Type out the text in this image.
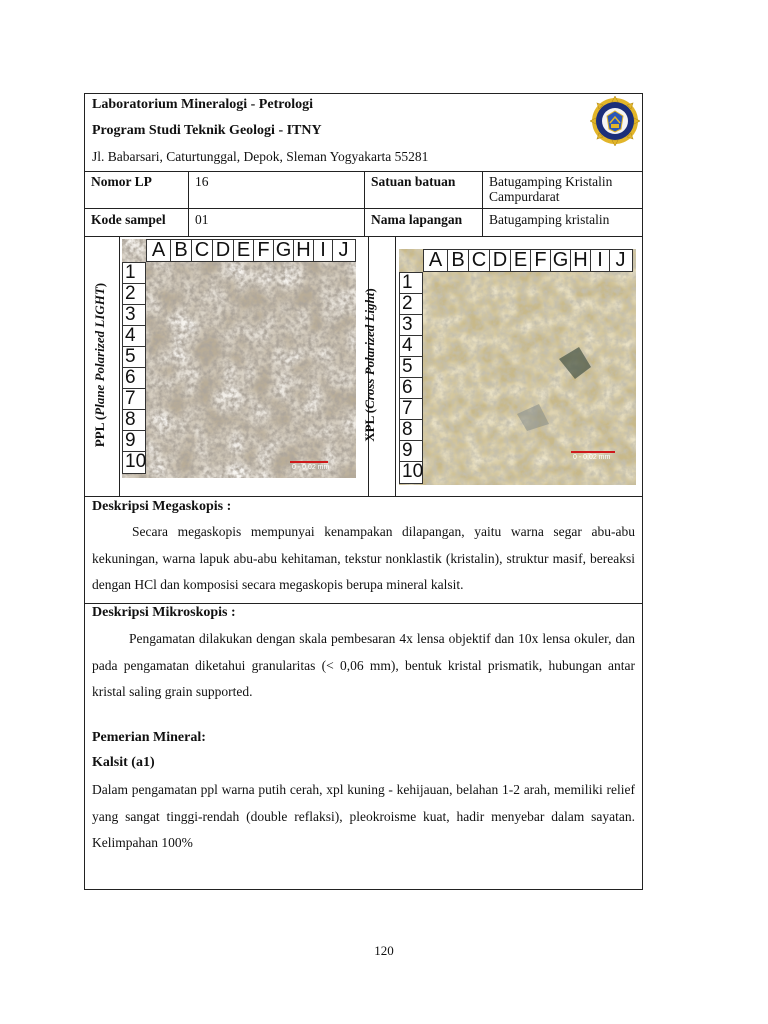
Laboratorium Mineralogi - Petrologi
Program Studi Teknik Geologi - ITNY
Jl. Babarsari, Caturtunggal, Depok, Sleman Yogyakarta 55281
Nomor LP	16	Satuan batuan	Batugamping Kristalin Campurdarat
Kode sampel	01	Nama lapangan	Batugamping kristalin
PPL (Plane Polarized LIGHT)
A B C D E F G H I J
1
2
3
4
5
6
7
8
9
10	0 - 0,02 mm
XPL (Cross Polarized Light)
A B C D E F G H I J
1
2
3
4
5
6
7
8
9
10
0 - 0,02 mm
Deskripsi Megaskopis :
Secara megaskopis mempunyai kenampakan dilapangan, yaitu warna segar abu-abu kekuningan, warna lapuk abu-abu kehitaman, tekstur nonklastik (kristalin), struktur masif, bereaksi dengan HCl dan komposisi secara megaskopis berupa mineral kalsit.
Deskripsi Mikroskopis :
Pengamatan dilakukan dengan skala pembesaran 4x lensa objektif dan 10x lensa okuler, dan pada pengamatan diketahui granularitas (< 0,06 mm), bentuk kristal prismatik, hubungan antar kristal saling grain supported.
Pemerian Mineral:
Kalsit (a1)
Dalam pengamatan ppl warna putih cerah, xpl kuning - kehijauan, belahan 1-2 arah, memiliki relief yang sangat tinggi-rendah (double reflaksi), pleokroisme kuat, hadir menyebar dalam sayatan. Kelimpahan 100%
120
